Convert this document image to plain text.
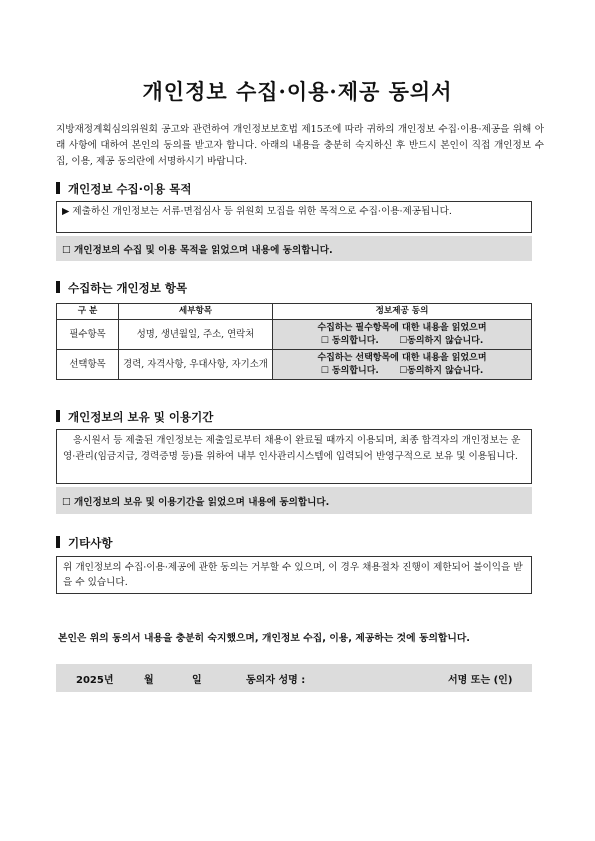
개인정보 수집·이용·제공 동의서
지방재정계획심의위원회 공고와 관련하여 개인정보보호법 제15조에 따라 귀하의 개인정보 수집·이용·제공을 위해 아래 사항에 대하여 본인의 동의를 받고자 합니다. 아래의 내용을 충분히 숙지하신 후 반드시 본인이 직접 개인정보 수집, 이용, 제공 동의란에 서명하시기 바랍니다.
개인정보 수집·이용 목적
▶ 제출하신 개인정보는 서류·면접심사 등 위원회 모집을 위한 목적으로 수집·이용·제공됩니다.
☐ 개인정보의 수집 및 이용 목적을 읽었으며 내용에 동의합니다.
수집하는 개인정보 항목
구 분	세부항목	정보제공 동의
필수항목	성명, 생년월일, 주소, 연락처	수집하는 필수항목에 대한 내용을 읽었으며
☐ 동의합니다. ☐동의하지 않습니다.

선택항목	경력, 자격사항, 우대사항, 자기소개	수집하는 선택항목에 대한 내용을 읽었으며
☐ 동의합니다. ☐동의하지 않습니다.
개인정보의 보유 및 이용기간
응시원서 등 제출된 개인정보는 제출일로부터 채용이 완료될 때까지 이용되며, 최종 합격자의 개인정보는 운영·관리(임금지급, 경력증명 등)를 위하여 내부 인사관리시스템에 입력되어 반영구적으로 보유 및 이용됩니다.
☐ 개인정보의 보유 및 이용기간을 읽었으며 내용에 동의합니다.
기타사항
위 개인정보의 수집·이용·제공에 관한 동의는 거부할 수 있으며, 이 경우 채용절차 진행이 제한되어 불이익을 받을 수 있습니다.
본인은 위의 동의서 내용을 충분히 숙지했으며, 개인정보 수집, 이용, 제공하는 것에 동의합니다.
2025년	월	일	동의자 성명 :	서명 또는 (인)
